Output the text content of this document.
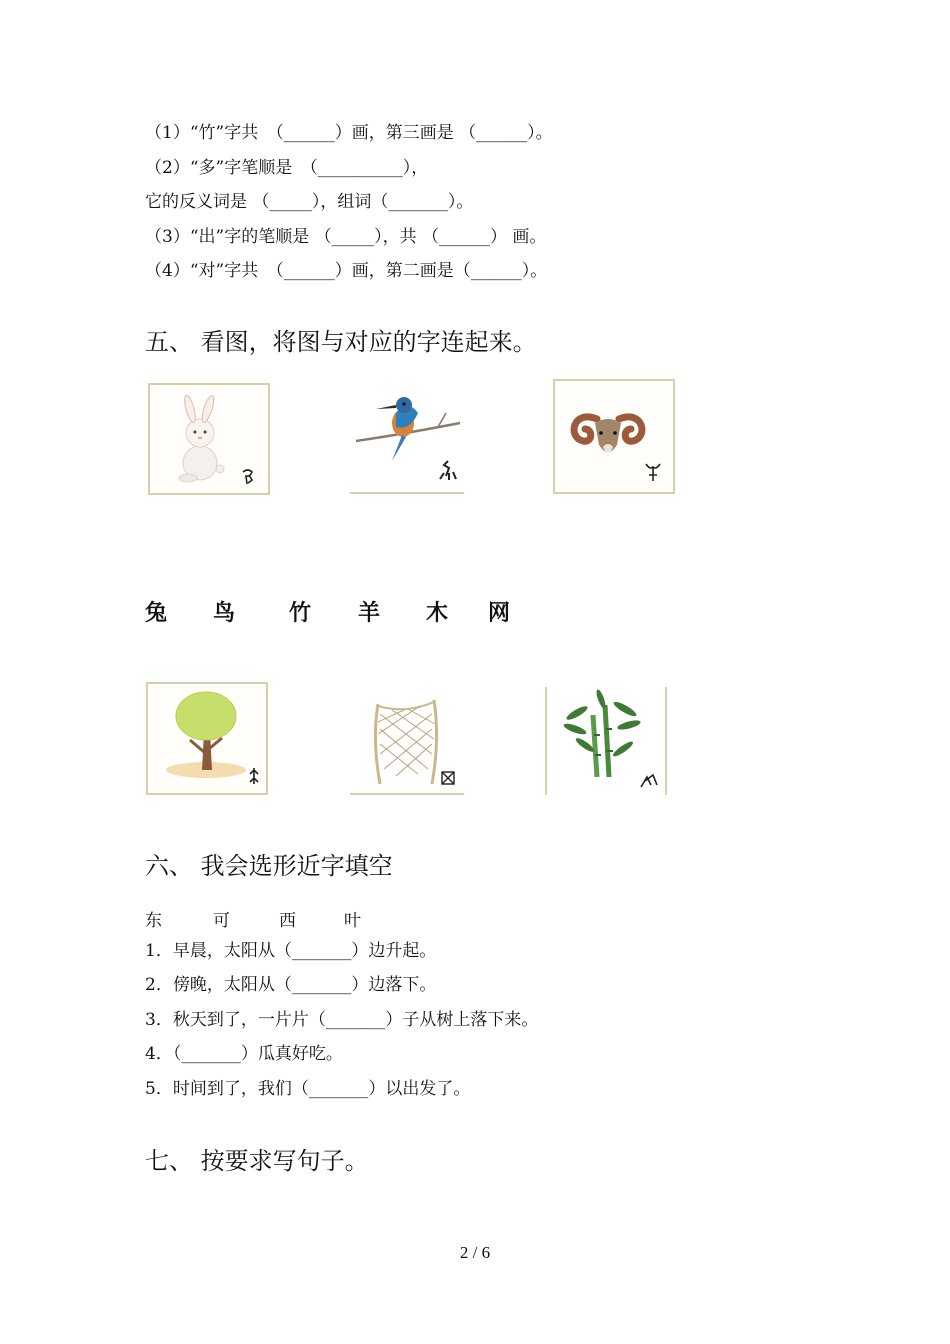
（1）“竹”字共　（______）画，第三画是 （______）。
（2）“多”字笔顺是　（__________），
它的反义词是 （_____），组词（_______）。
（3）“出”字的笔顺是 （_____），共 （______） 画。
（4）“对”字共　（______）画，第二画是（______）。
五、 看图，将图与对应的字连起来。
兔 鸟 竹 羊 木 网
六、 我会选形近字填空
东	可	西	叶
1．早晨，太阳从（_______）边升起。
2．傍晚，太阳从（_______）边落下。
3．秋天到了，一片片（_______）子从树上落下来。
4．（_______）瓜真好吃。
5．时间到了，我们（_______）以出发了。
七、 按要求写句子。
2 / 6
